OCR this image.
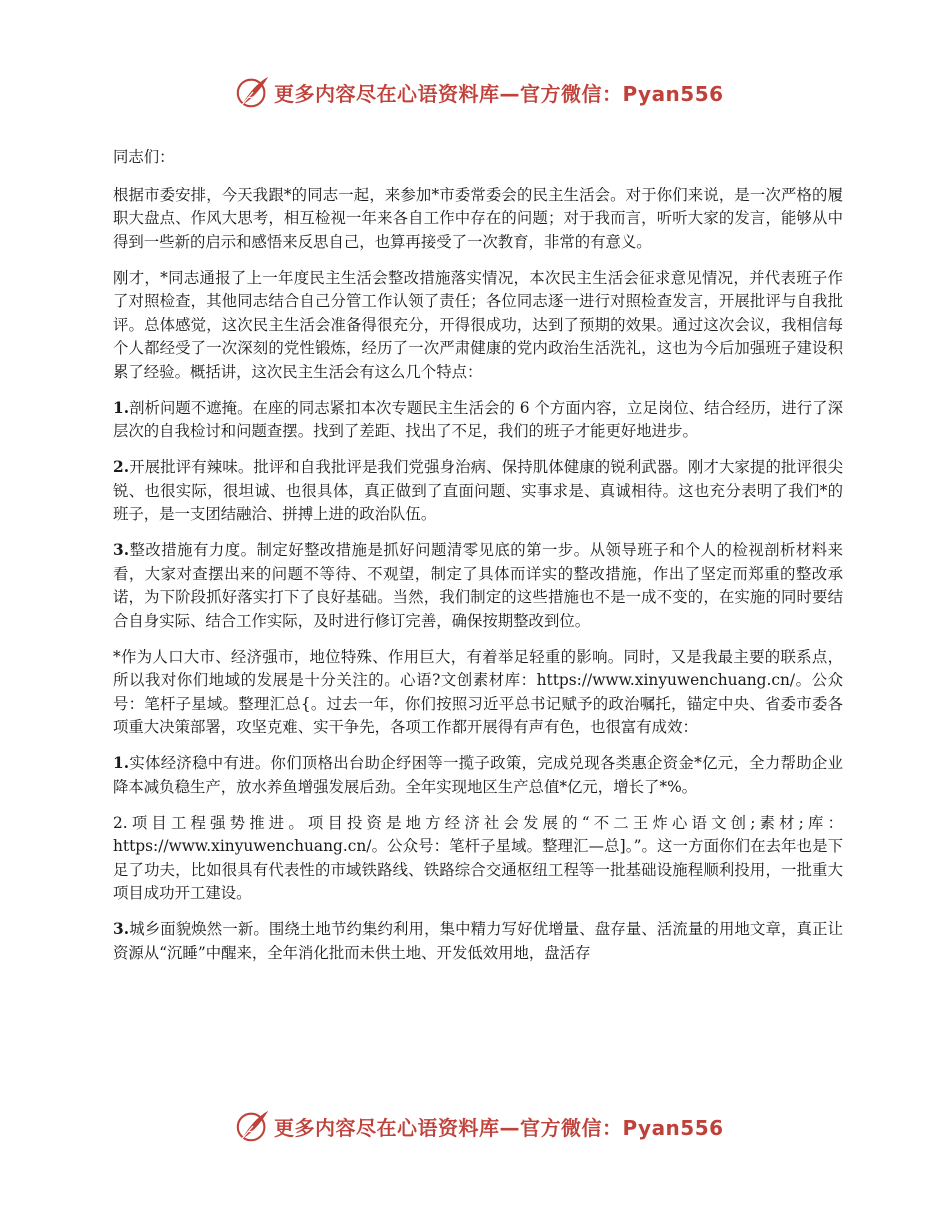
更多内容尽在心语资料库—官方微信：Pyan556

同志们：

根据市委安排，今天我跟*的同志一起，来参加*市委常委会的民主生活会。对于你们来说，是一次严格的履职大盘点、作风大思考，相互检视一年来各自工作中存在的问题；对于我而言，听听大家的发言，能够从中得到一些新的启示和感悟来反思自己，也算再接受了一次教育，非常的有意义。

刚才，*同志通报了上一年度民主生活会整改措施落实情况，本次民主生活会征求意见情况，并代表班子作了对照检查，其他同志结合自己分管工作认领了责任；各位同志逐一进行对照检查发言，开展批评与自我批评。总体感觉，这次民主生活会准备得很充分，开得很成功，达到了预期的效果。通过这次会议，我相信每个人都经受了一次深刻的党性锻炼，经历了一次严肃健康的党内政治生活洗礼，这也为今后加强班子建设积累了经验。概括讲，这次民主生活会有这么几个特点：

1.剖析问题不遮掩。在座的同志紧扣本次专题民主生活会的 6 个方面内容，立足岗位、结合经历，进行了深层次的自我检讨和问题查摆。找到了差距、找出了不足，我们的班子才能更好地进步。

2.开展批评有辣味。批评和自我批评是我们党强身治病、保持肌体健康的锐利武器。刚才大家提的批评很尖锐、也很实际，很坦诚、也很具体，真正做到了直面问题、实事求是、真诚相待。这也充分表明了我们*的班子，是一支团结融洽、拼搏上进的政治队伍。

3.整改措施有力度。制定好整改措施是抓好问题清零见底的第一步。从领导班子和个人的检视剖析材料来看，大家对查摆出来的问题不等待、不观望，制定了具体而详实的整改措施，作出了坚定而郑重的整改承诺，为下阶段抓好落实打下了良好基础。当然，我们制定的这些措施也不是一成不变的，在实施的同时要结合自身实际、结合工作实际，及时进行修订完善，确保按期整改到位。

*作为人口大市、经济强市，地位特殊、作用巨大，有着举足轻重的影响。同时，又是我最主要的联系点，所以我对你们地域的发展是十分关注的。心语?文创素材库：https://www.xinyuwenchuang.cn/。公众号：笔杆子星域。整理汇总{。过去一年，你们按照习近平总书记赋予的政治嘱托，锚定中央、省委市委各项重大决策部署，攻坚克难、实干争先，各项工作都开展得有声有色，也很富有成效：

1.实体经济稳中有进。你们顶格出台助企纾困等一揽子政策，完成兑现各类惠企资金*亿元，全力帮助企业降本减负稳生产，放水养鱼增强发展后劲。全年实现地区生产总值*亿元，增长了*%。

2.项目工程强势推进。项目投资是地方经济社会发展的“不二王炸心语文创;素材;库：https://www.xinyuwenchuang.cn/。公众号：笔杆子星域。整理汇—总]。”。这一方面你们在去年也是下足了功夫，比如很具有代表性的市域铁路线、铁路综合交通枢纽工程等一批基础设施程顺利投用，一批重大项目成功开工建设。

3.城乡面貌焕然一新。围绕土地节约集约利用，集中精力写好优增量、盘存量、活流量的用地文章，真正让资源从“沉睡”中醒来，全年消化批而未供土地、开发低效用地，盘活存

更多内容尽在心语资料库—官方微信：Pyan556
